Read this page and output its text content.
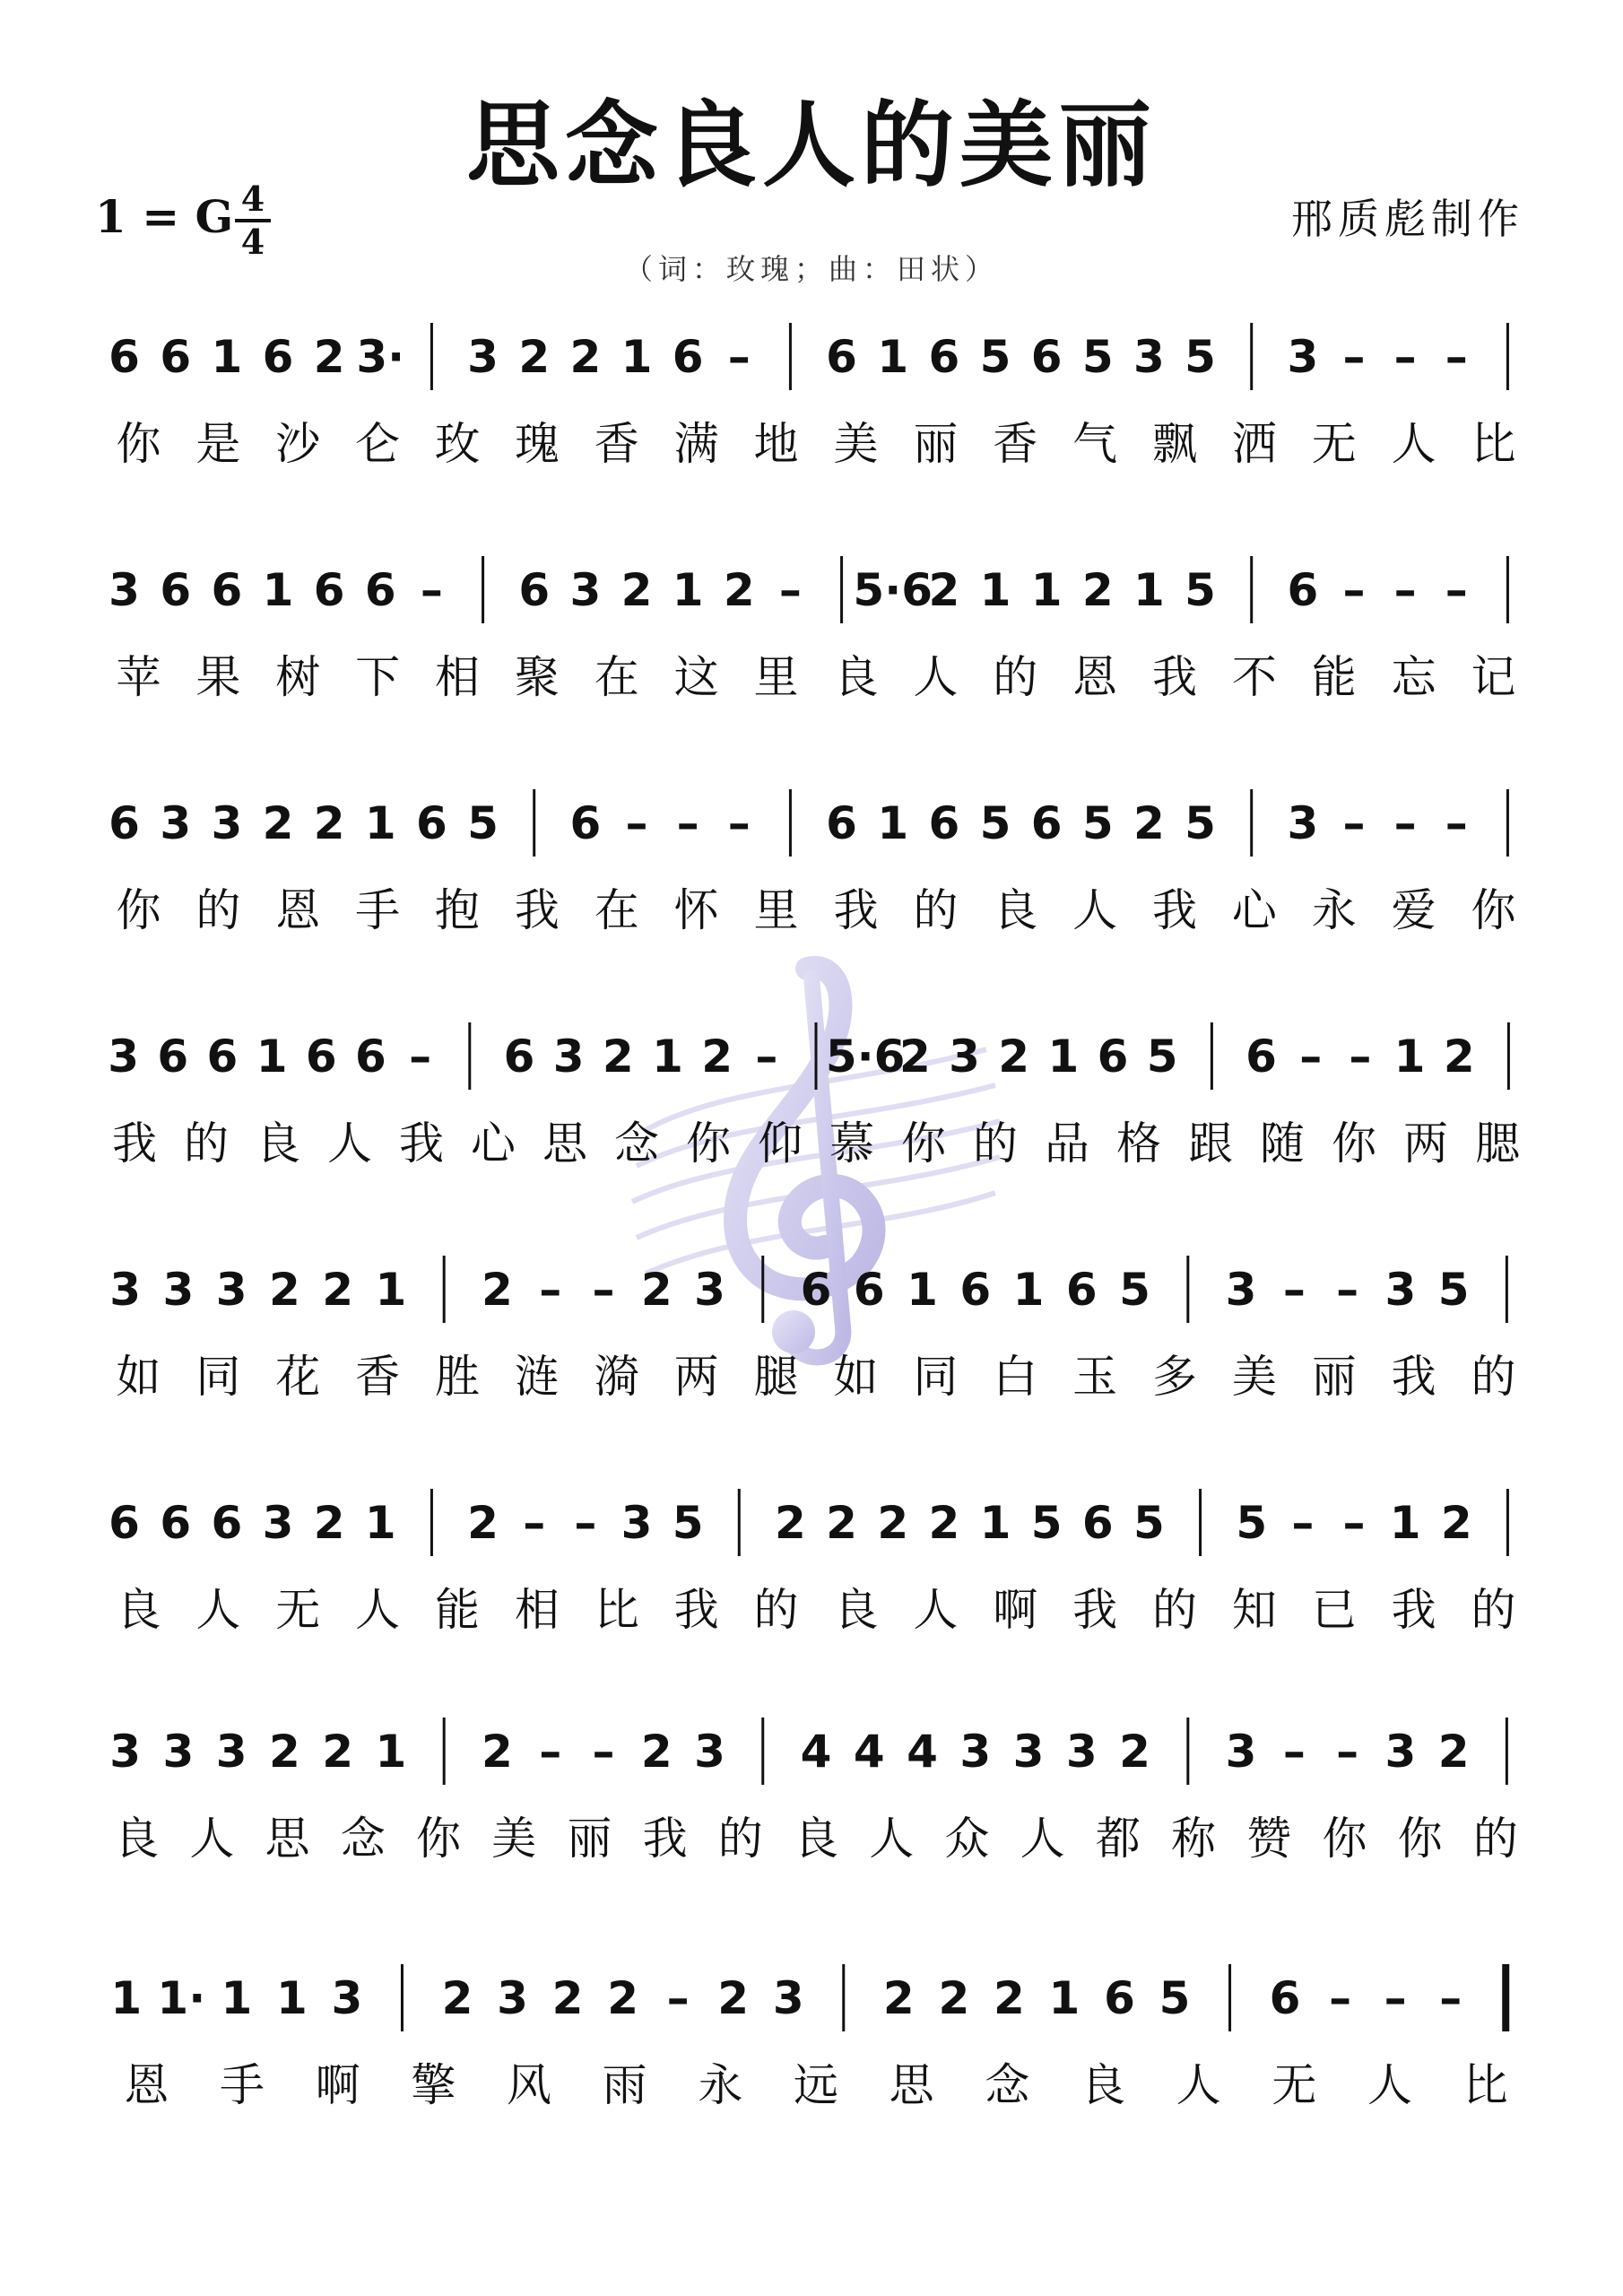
思念良人的美丽
1 = G 4
4	邢质彪制作
（词：玫瑰；曲：田状）
6 6 1 6 2 3· 3 2 2 1 6 – 6 1 6 5 6 5 3 5 3 – – –
你 是 沙 仑 玫 瑰 香 满 地 美 丽 香 气 飘 洒 无 人 比
3 6 6 1 6 6 – 6 3 2 1 2 – 5·6
2 1 1 2 1 5 6 – – –
苹 果 树 下 相 聚 在 这 里 良 人 的 恩 我 不 能 忘 记
6 3 3 2 2 1 6 5 6 – – – 6 1 6 5 6 5 2 5 3 – – –
你 的 恩 手 抱 我 在 怀 里 我 的 良 人 我 心 永 爱 你
3 6 6 1 6 6 – 6 3 2 1 2 – 5·6
2 3 2 1 6 5 6 – – 1 2
我 的 良 人 我 心 思 念 你 仰 慕 你 的 品 格 跟 随 你 两 腮
3 3 3 2 2 1 2 – – 2 3 6 6 1 6 1 6 5 3 – – 3 5
如 同 花 香 胜 涟 漪 两 腿 如 同 白 玉 多 美 丽 我 的
6 6 6 3 2 1 2 – – 3 5 2 2 2 2 1 5 6 5 5 – – 1 2
良 人 无 人 能 相 比 我 的 良 人 啊 我 的 知 已 我 的
3 3 3 2 2 1 2 – – 2 3 4 4 4 3 3 3 2 3 – – 3 2
良 人 思 念 你 美 丽 我 的 良 人 众 人 都 称 赞 你 你 的
1 1· 1 1 3 2 3 2 2 – 2 3 2 2 2 1 6 5 6 – – –
恩 手 啊 擎 风 雨 永 远 思 念 良 人 无 人 比
